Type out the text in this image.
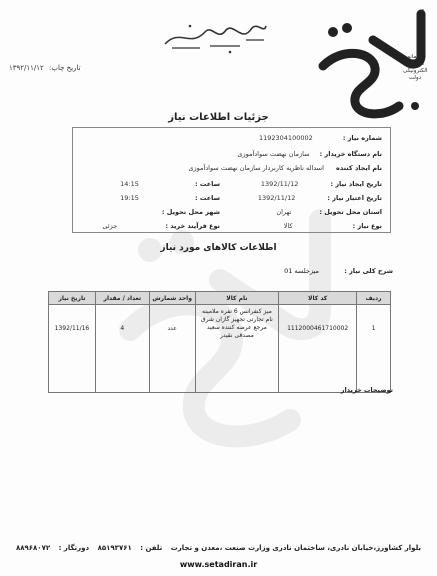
تاریخ چاپ: ۱۳۹۲/۱۱/۱۲
سامانه تدارکات الکترونیکی دولت
جزئیات اطلاعات نیاز
شماره نیاز : 1192304100002
نام دستگاه خریدار : سازمان نهضت سوادآموزی
نام ایجاد کننده اسداله ناظریه کاربردار سازمان نهضت سوادآموزی
تاریخ ایجاد نیاز : 1392/11/12
ساعت : 14:15
تاریخ اعتبار نیاز : 1392/11/12
ساعت : 19:15
استان محل تحویل : تهران
شهر محل تحویل :
نوع نیاز : کالا
نوع فرآیند خرید : جزئی
اطلاعات کالاهای مورد نیاز
شرح کلی نیاز :
میزجلسه 01
ردیف	کد کالا	نام کالا	واحد شمارش	تعداد / مقدار	تاریخ نیاز
1	1112000461710002	میز کنفرانس 6 نفره ملامینه نام تجارتی تجهیز گازان شرق مرجع عرضه کننده سعید مصدقی نقیدر	عدد	4	1392/11/16
توضیحات خریدار
بلوار کشاورز،خیابان نادری، ساختمان نادری وزارت صنعت ،معدن و تجارت تلفن : ۸۵۱۹۳۷۶۱ دورنگار : ۸۸۹۶۸۰۷۲
www.setadiran.ir
